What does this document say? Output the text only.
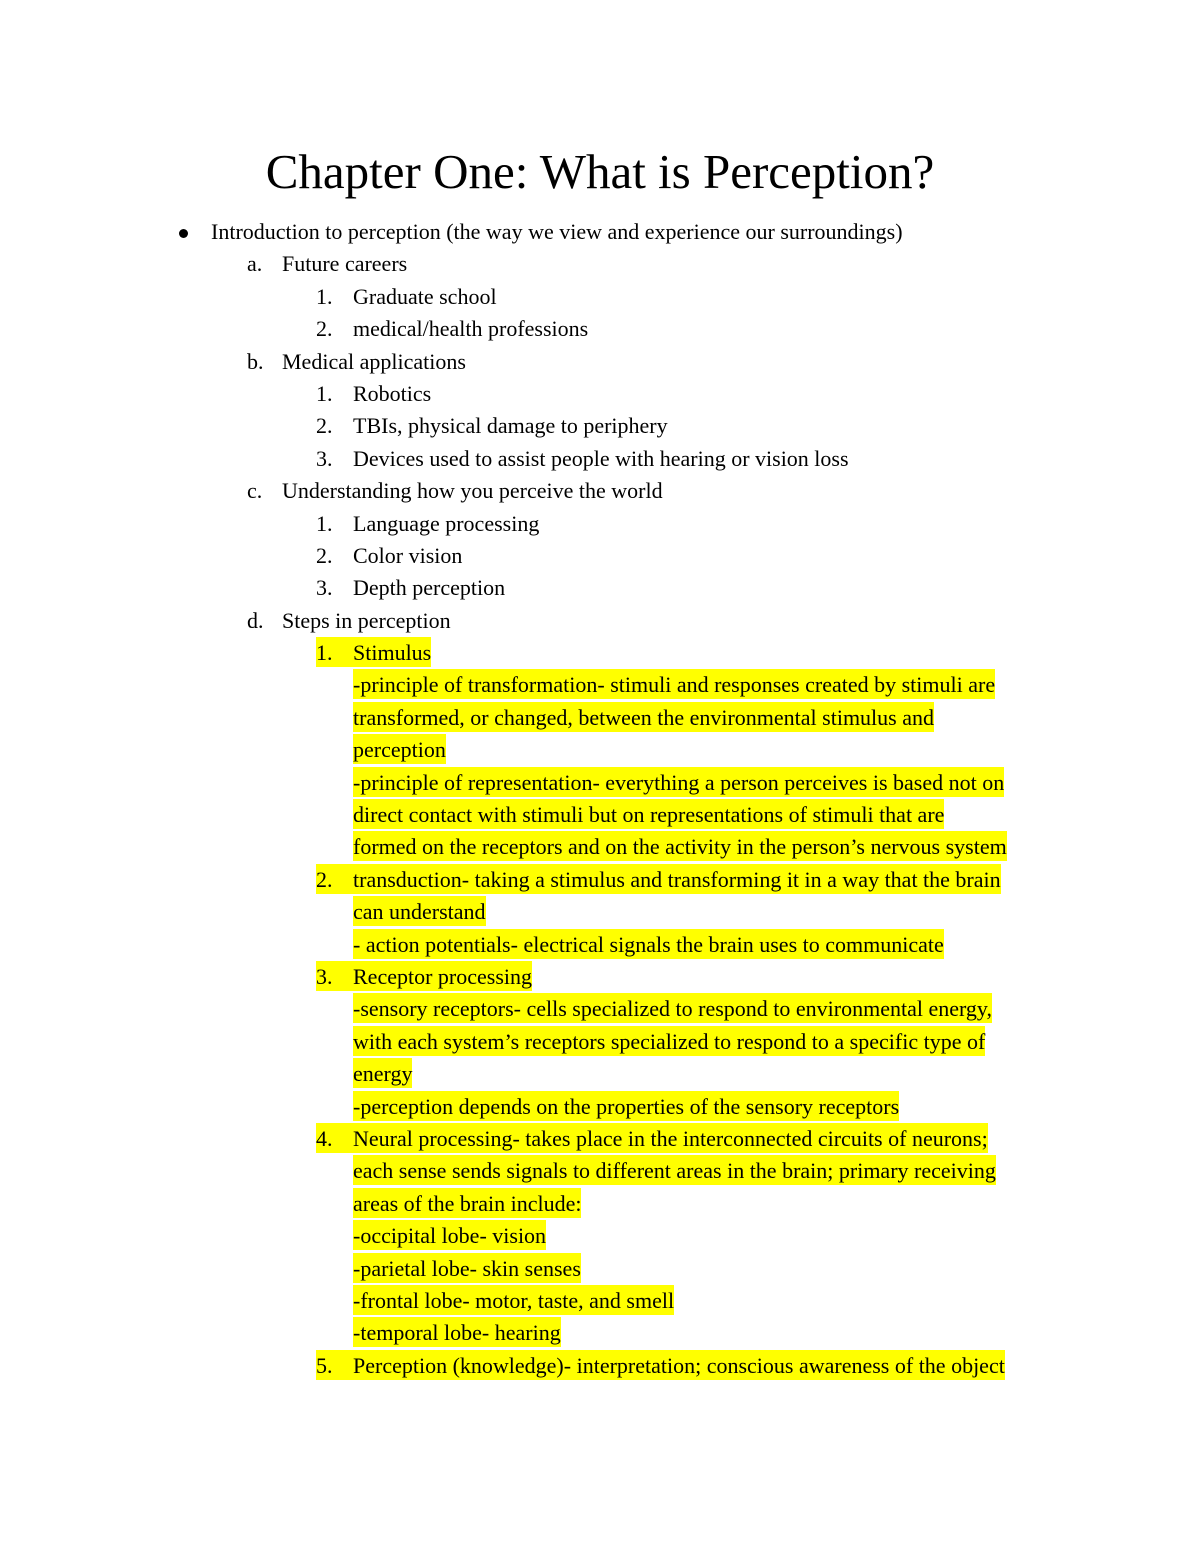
Chapter One: What is Perception?
Introduction to perception (the way we view and experience our surroundings)
a. Future careers
1. Graduate school
2. medical/health professions
b. Medical applications
1. Robotics
2. TBIs, physical damage to periphery
3. Devices used to assist people with hearing or vision loss
c. Understanding how you perceive the world
1. Language processing
2. Color vision
3. Depth perception
d. Steps in perception
1. Stimulus
-principle of transformation- stimuli and responses created by stimuli are
transformed, or changed, between the environmental stimulus and
perception
-principle of representation- everything a person perceives is based not on
direct contact with stimuli but on representations of stimuli that are
formed on the receptors and on the activity in the person’s nervous system
2. transduction- taking a stimulus and transforming it in a way that the brain
can understand
- action potentials- electrical signals the brain uses to communicate
3. Receptor processing
-sensory receptors- cells specialized to respond to environmental energy,
with each system’s receptors specialized to respond to a specific type of
energy
-perception depends on the properties of the sensory receptors
4. Neural processing- takes place in the interconnected circuits of neurons;
each sense sends signals to different areas in the brain; primary receiving
areas of the brain include:
-occipital lobe- vision
-parietal lobe- skin senses
-frontal lobe- motor, taste, and smell
-temporal lobe- hearing
5. Perception (knowledge)- interpretation; conscious awareness of the object
